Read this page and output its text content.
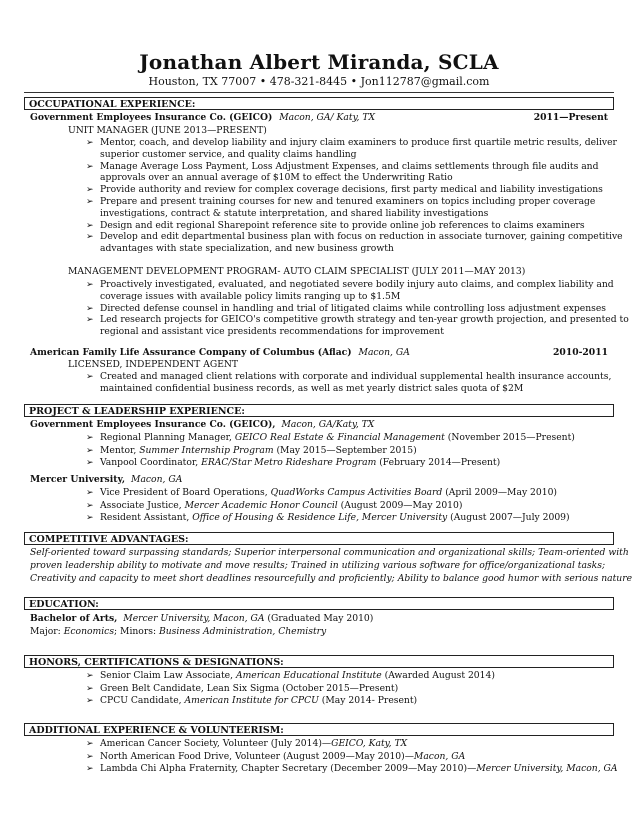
Jonathan Albert Miranda, SCLA
Houston, TX 77007 • 478-321-8445 • Jon112787@gmail.com
OCCUPATIONAL EXPERIENCE:
Government Employees Insurance Co. (GEICO) Macon, GA/ Katy, TX	2011—Present
UNIT MANAGER (JUNE 2013—PRESENT)
MANAGEMENT DEVELOPMENT PROGRAM- AUTO CLAIM SPECIALIST (JULY 2011—MAY 2013)
American Family Life Assurance Company of Columbus (Aflac) Macon, GA	2010-2011
LICENSED, INDEPENDENT AGENT
PROJECT & LEADERSHIP EXPERIENCE:
Government Employees Insurance Co. (GEICO), Macon, GA/Katy, TX
Mercer University, Macon, GA
COMPETITIVE ADVANTAGES:
EDUCATION:
Bachelor of Arts, Mercer University, Macon, GA (Graduated May 2010)
Major: Economics; Minors: Business Administration, Chemistry
HONORS, CERTIFICATIONS & DESIGNATIONS:
ADDITIONAL EXPERIENCE & VOLUNTEERISM:
➢ Mentor, coach, and develop liability and injury claim examiners to produce first quartile metric results, deliver
superior customer service, and quality claims handling
➢ Manage Average Loss Payment, Loss Adjustment Expenses, and claims settlements through file audits and
approvals over an annual average of $10M to effect the Underwriting Ratio
➢ Provide authority and review for complex coverage decisions, first party medical and liability investigations
➢ Prepare and present training courses for new and tenured examiners on topics including proper coverage
investigations, contract & statute interpretation, and shared liability investigations
➢ Design and edit regional Sharepoint reference site to provide online job references to claims examiners
➢ Develop and edit departmental business plan with focus on reduction in associate turnover, gaining competitive
advantages with state specialization, and new business growth
➢ Proactively investigated, evaluated, and negotiated severe bodily injury auto claims, and complex liability and
coverage issues with available policy limits ranging up to $1.5M
➢ Directed defense counsel in handling and trial of litigated claims while controlling loss adjustment expenses
➢ Led research projects for GEICO's competitive growth strategy and ten-year growth projection, and presented to
regional and assistant vice presidents recommendations for improvement
➢ Created and managed client relations with corporate and individual supplemental health insurance accounts,
maintained confidential business records, as well as met yearly district sales quota of $2M
➢ Regional Planning Manager, GEICO Real Estate & Financial Management (November 2015—Present)
➢ Mentor, Summer Internship Program (May 2015—September 2015)
➢ Vanpool Coordinator, ERAC/Star Metro Rideshare Program (February 2014—Present)
➢ Vice President of Board Operations, QuadWorks Campus Activities Board (April 2009—May 2010)
➢ Associate Justice, Mercer Academic Honor Council (August 2009—May 2010)
➢ Resident Assistant, Office of Housing & Residence Life, Mercer University (August 2007—July 2009)
➢ Senior Claim Law Associate, American Educational Institute (Awarded August 2014)
➢ Green Belt Candidate, Lean Six Sigma (October 2015—Present)
➢ CPCU Candidate, American Institute for CPCU (May 2014- Present)
➢ American Cancer Society, Volunteer (July 2014)—GEICO, Katy, TX
➢ North American Food Drive, Volunteer (August 2009—May 2010)—Macon, GA
➢ Lambda Chi Alpha Fraternity, Chapter Secretary (December 2009—May 2010)—Mercer University, Macon, GA
Self-oriented toward surpassing standards; Superior interpersonal communication and organizational skills; Team-oriented with
proven leadership ability to motivate and move results; Trained in utilizing various software for office/organizational tasks;
Creativity and capacity to meet short deadlines resourcefully and proficiently; Ability to balance good humor with serious nature
